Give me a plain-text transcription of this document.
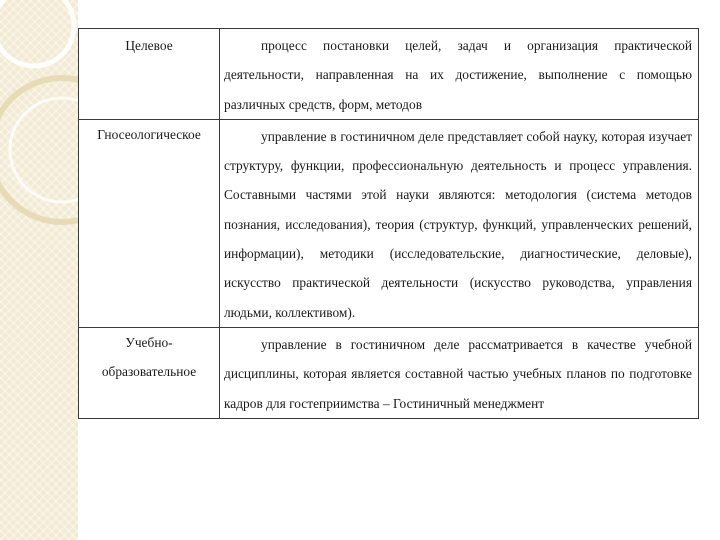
Целевое	процесс постановки целей, задач и организация практической деятельности, направленная на их достижение, выполнение с помощью различных средств, форм, методов

Гносеологическое	управление в гостиничном деле представляет собой науку, которая изучает структуру, функции, профессиональную деятельность и процесс управления. Составными частями этой науки являются: методология (система методов познания, исследования), теория (структур, функций, управленческих решений, информации), методики (исследовательские, диагностические, деловые), искусство практической деятельности (искусство руководства, управления людьми, коллективом).

Учебно-образовательное	управление в гостиничном деле рассматривается в качестве учебной дисциплины, которая является составной частью учебных планов по подготовке кадров для гостеприимства – Гостиничный менеджмент
